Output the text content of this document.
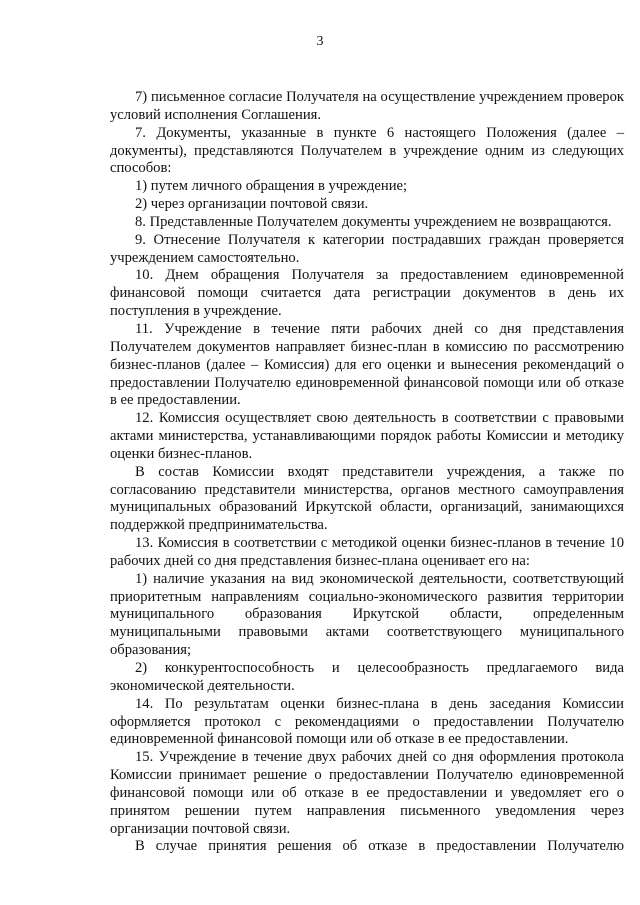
3

7) письменное согласие Получателя на осуществление учреждением проверок условий исполнения Соглашения.

7. Документы, указанные в пункте 6 настоящего Положения (далее – документы), представляются Получателем в учреждение одним из следующих способов:

1) путем личного обращения в учреждение;

2) через организации почтовой связи.

8. Представленные Получателем документы учреждением не возвращаются.

9. Отнесение Получателя к категории пострадавших граждан проверяется учреждением самостоятельно.

10. Днем обращения Получателя за предоставлением единовременной финансовой помощи считается дата регистрации документов в день их поступления в учреждение.

11. Учреждение в течение пяти рабочих дней со дня представления Получателем документов направляет бизнес-план в комиссию по рассмотрению бизнес-планов (далее – Комиссия) для его оценки и вынесения рекомендаций о предоставлении Получателю единовременной финансовой помощи или об отказе в ее предоставлении.

12. Комиссия осуществляет свою деятельность в соответствии с правовыми актами министерства, устанавливающими порядок работы Комиссии и методику оценки бизнес-планов.

В состав Комиссии входят представители учреждения, а также по согласованию представители министерства, органов местного самоуправления муниципальных образований Иркутской области, организаций, занимающихся поддержкой предпринимательства.

13. Комиссия в соответствии с методикой оценки бизнес-планов в течение 10 рабочих дней со дня представления бизнес-плана оценивает его на:

1) наличие указания на вид экономической деятельности, соответствующий приоритетным направлениям социально-экономического развития территории муниципального образования Иркутской области, определенным муниципальными правовыми актами соответствующего муниципального образования;

2) конкурентоспособность и целесообразность предлагаемого вида экономической деятельности.

14. По результатам оценки бизнес-плана в день заседания Комиссии оформляется протокол с рекомендациями о предоставлении Получателю единовременной финансовой помощи или об отказе в ее предоставлении.

15. Учреждение в течение двух рабочих дней со дня оформления протокола Комиссии принимает решение о предоставлении Получателю единовременной финансовой помощи или об отказе в ее предоставлении и уведомляет его о принятом решении путем направления письменного уведомления через организации почтовой связи.

В случае принятия решения об отказе в предоставлении Получателю
